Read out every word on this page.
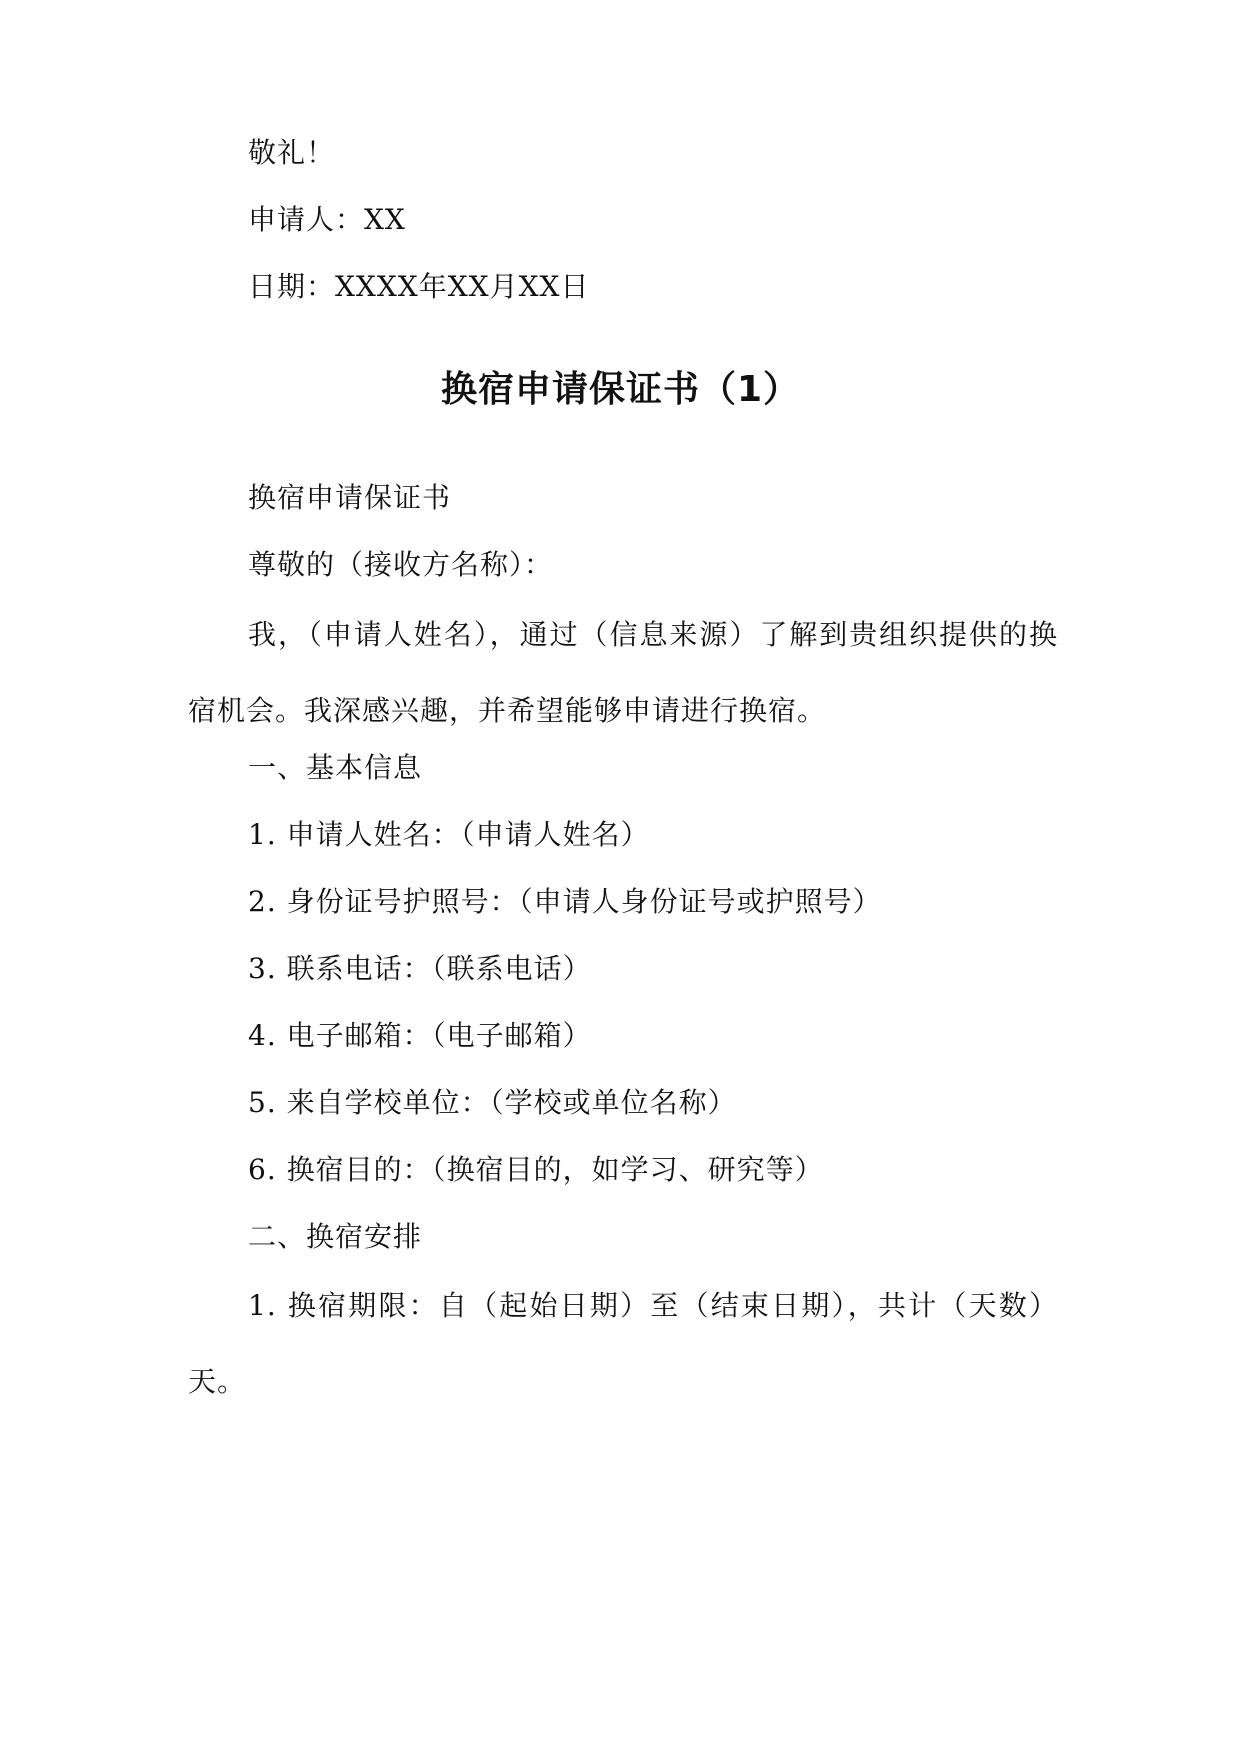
敬礼！
申请人：XX
日期：XXXX年XX月XX日
换宿申请保证书（1）
换宿申请保证书
尊敬的（接收方名称）：
我，（申请人姓名），通过（信息来源）了解到贵组织提供的换宿机会。我深感兴趣，并希望能够申请进行换宿。
一、基本信息
1. 申请人姓名：（申请人姓名）
2. 身份证号护照号：（申请人身份证号或护照号）
3. 联系电话：（联系电话）
4. 电子邮箱：（电子邮箱）
5. 来自学校单位：（学校或单位名称）
6. 换宿目的：（换宿目的，如学习、研究等）
二、换宿安排
1. 换宿期限：自（起始日期）至（结束日期），共计（天数）天。
